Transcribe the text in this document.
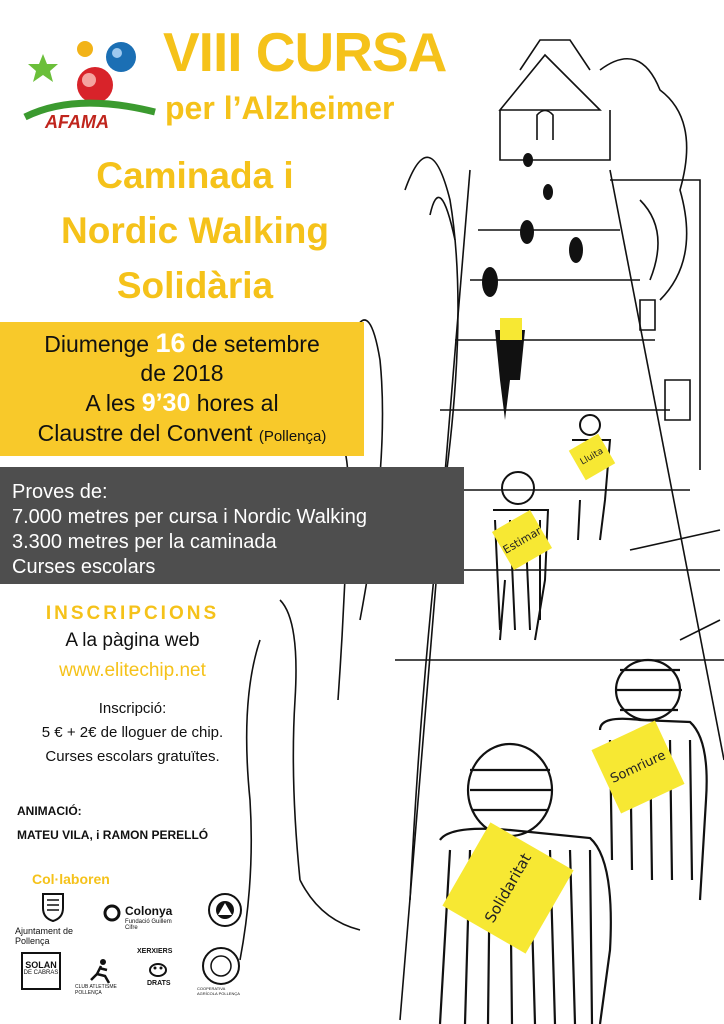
AFAMA
VIII CURSA
per l’Alzheimer
Caminada i
Nordic Walking
Solidària
Diumenge 16 de setembre
de 2018
A les 9’30 hores al
Claustre del Convent (Pollença)
Proves de:
7.000 metres per cursa i Nordic Walking
3.300 metres per la caminada
Curses escolars
INSCRIPCIONS
A la pàgina web
www.elitechip.net
Inscripció:
5 € + 2€ de lloguer de chip.
Curses escolars gratuïtes.
ANIMACIÓ:
MATEU VILA, i RAMON PERELLÓ
Col·laboren
Ajuntament de Pollença
Colonya
Fundació Guillem Cifre
SOLAN
DE CABRAS
CLUB ATLETISME POLLENÇA
XERXIERS
DRATS
COOPERATIVA AGRÍCOLA POLLENÇA
Lluita
Estimar
Somriure
Solidaritat
